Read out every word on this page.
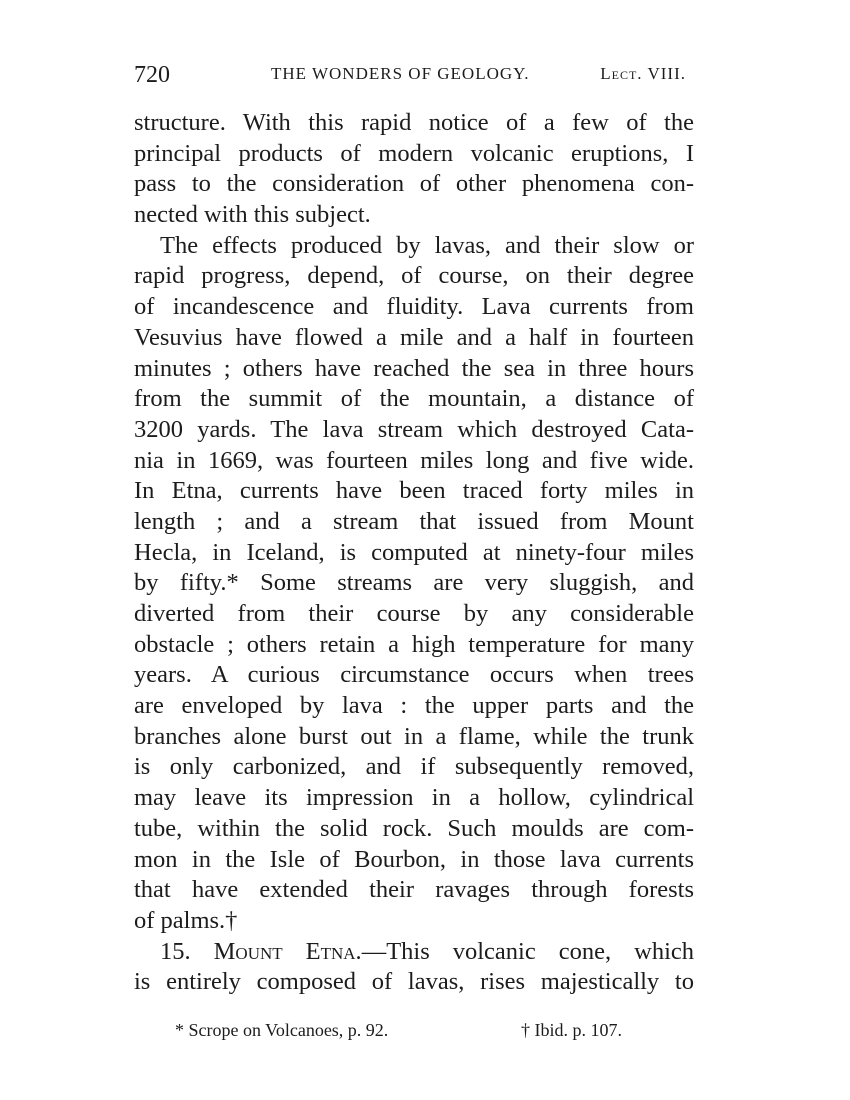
720	THE WONDERS OF GEOLOGY.	Lect. VIII.
structure. With this rapid notice of a few of the
principal products of modern volcanic eruptions, I
pass to the consideration of other phenomena con-
nected with this subject.
The effects produced by lavas, and their slow or
rapid progress, depend, of course, on their degree
of incandescence and fluidity. Lava currents from
Vesuvius have flowed a mile and a half in fourteen
minutes ; others have reached the sea in three hours
from the summit of the mountain, a distance of
3200 yards. The lava stream which destroyed Cata-
nia in 1669, was fourteen miles long and five wide.
In Etna, currents have been traced forty miles in
length ; and a stream that issued from Mount
Hecla, in Iceland, is computed at ninety-four miles
by fifty.* Some streams are very sluggish, and
diverted from their course by any considerable
obstacle ; others retain a high temperature for many
years. A curious circumstance occurs when trees
are enveloped by lava : the upper parts and the
branches alone burst out in a flame, while the trunk
is only carbonized, and if subsequently removed,
may leave its impression in a hollow, cylindrical
tube, within the solid rock. Such moulds are com-
mon in the Isle of Bourbon, in those lava currents
that have extended their ravages through forests
of palms.†
15. Mount Etna.—This volcanic cone, which
is entirely composed of lavas, rises majestically to
* Scrope on Volcanoes, p. 92.	† Ibid. p. 107.
